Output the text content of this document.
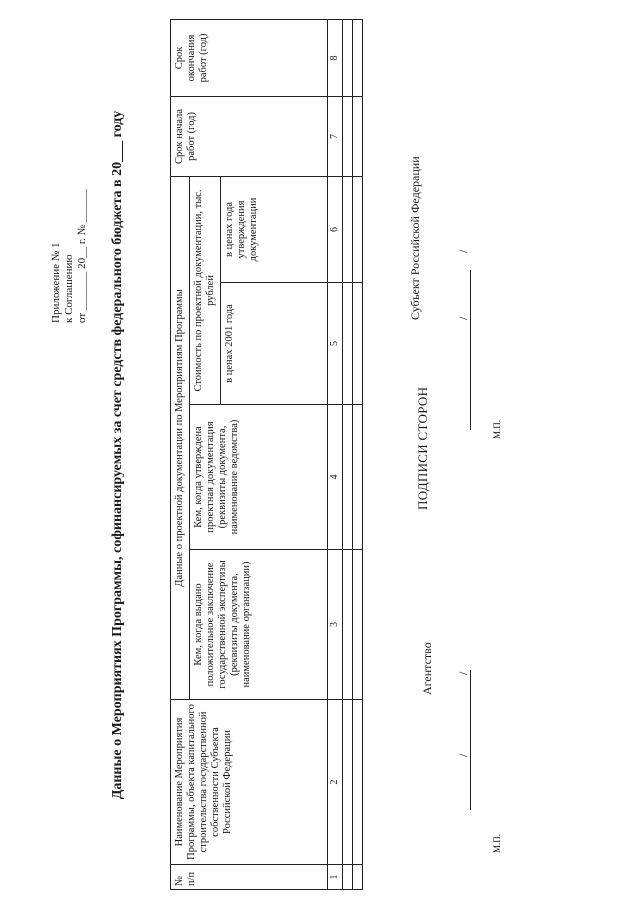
Приложение № 1 к Соглашению от _______ 20__ г. № ______ Данные о Мероприятиях Программы, софинансируемых за счет средств федерального бюджета в 20___ году
№ п/п	Наименование Мероприятия Программы, объекта капитального строительства государственной собственности Субъекта Российской Федерации	Данные о проектной документации по Мероприятиям Программы				Срок начала работ (год)	Срок окончания работ (год)
		Кем, когда выдано положительное заключение государственной экспертизы (реквизиты документа, наименование организации)	Кем, когда утверждена проектная документация (реквизиты документа, наименование ведомства)	Стоимость по проектной документации, тыс. рублей			
				в ценах 2001 года	в ценах года утверждения документации		
1	2	3	4	5	6	7	8

ПОДПИСИ СТОРОН
Агентство
Субъект Российской Федерации
/
/
М.П.
/
/
М.П.
